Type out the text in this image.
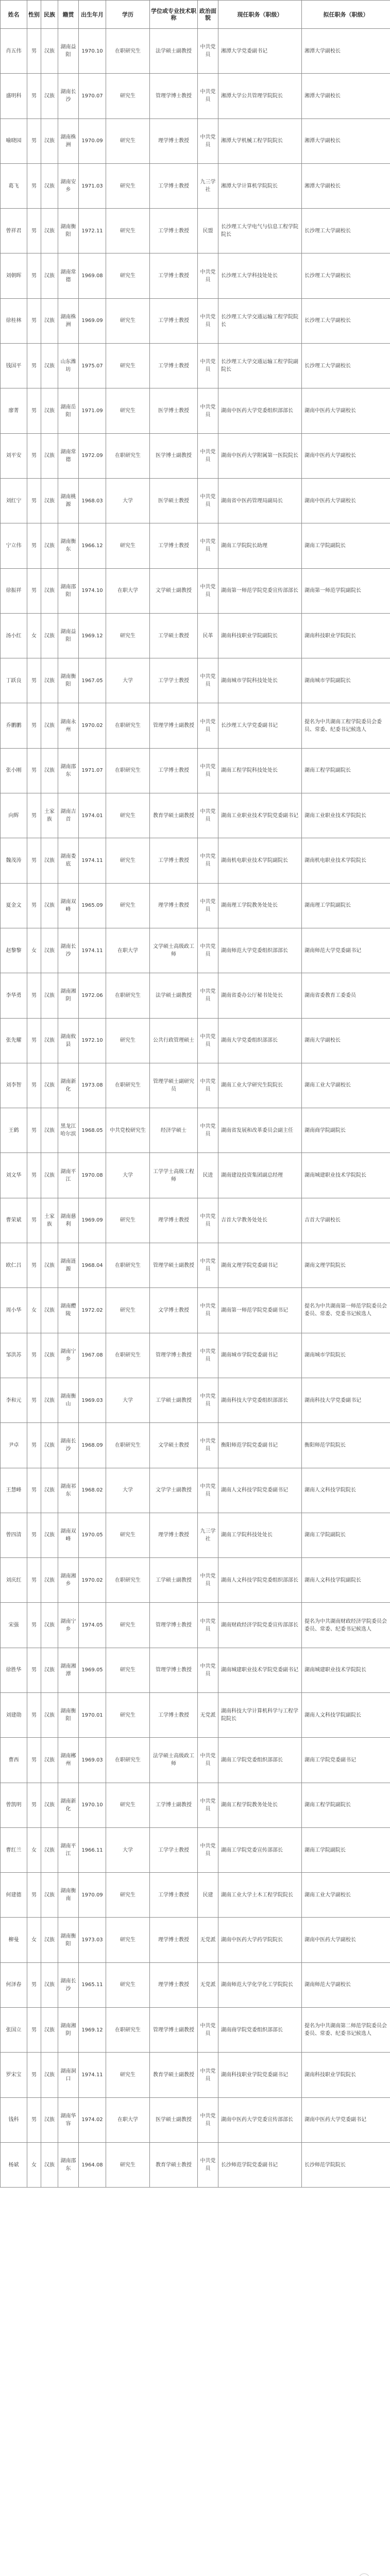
姓名	性别	民族	籍贯	出生年月	学历	学位或专业技术职称	政治面貌	现任职务（职级）	拟任职务（职级）
肖五伟	男	汉族	湖南益阳	1970.10	在职研究生	法学硕士副教授	中共党员	湘潭大学党委副书记	湘潭大学副校长
盛明科	男	汉族	湖南长沙	1970.07	研究生	管理学博士教授	中共党员	湘潭大学公共管理学院院长	湘潭大学副校长
喻晓园	男	汉族	湖南株洲	1970.09	研究生	理学博士教授	中共党员	湘潭大学机械工程学院院长	湘潭大学副校长
葛飞	男	汉族	湖南安乡	1971.03	研究生	工学博士教授	九三学社	湘潭大学计算机学院院长	湘潭大学副校长
曾祥君	男	汉族	湖南衡阳	1972.11	研究生	工学博士教授	民盟	长沙理工大学电气与信息工程学院院长	长沙理工大学副校长
刘朝晖	男	汉族	湖南常德	1969.08	研究生	工学博士教授	中共党员	长沙理工大学科技处处长	长沙理工大学副校长
徐桂林	男	汉族	湖南株洲	1969.09	研究生	工学博士教授	中共党员	长沙理工大学交通运输工程学院院长	长沙理工大学副校长
钱国平	男	汉族	山东潍坊	1975.07	研究生	工学博士教授	中共党员	长沙理工大学交通运输工程学院副院长	长沙理工大学副校长
廖菁	男	汉族	湖南岳阳	1971.09	研究生	医学博士教授	中共党员	湖南中医药大学党委组织部部长	湖南中医药大学副校长
刘平安	男	汉族	湖南常德	1972.09	在职研究生	医学博士副教授	中共党员	湖南中医药大学附属第一医院院长	湖南中医药大学副校长
刘红宁	男	汉族	湖南桃源	1968.03	大学	医学硕士教授	中共党员	湖南省中医药管理局副局长	湖南中医药大学副校长
宁立伟	男	汉族	湖南衡东	1966.12	研究生	工学博士教授	中共党员	湖南工学院院长助理	湖南工学院副院长
徐振祥	男	汉族	湖南邵阳	1974.10	在职大学	文学硕士副教授	中共党员	湖南第一师范学院党委宣传部部长	湖南第一师范学院副院长
汤小红	女	汉族	湖南益阳	1969.12	研究生	工学硕士教授	民革	湖南科技职业学院副院长	湖南科技职业学院院长
丁跃良	男	汉族	湖南衡阳	1967.05	大学	工学学士教授	中共党员	湖南城市学院科技处处长	湖南城市学院副院长
乔鹏鹏	男	汉族	湖南永州	1970.02	在职研究生	管理学博士副教授	中共党员	长沙理工大学党委副书记	提名为中共湖南工程学院委员会委员、常委、纪委书记候选人
张小刚	男	汉族	湖南邵东	1971.07	在职研究生	工学博士教授	中共党员	湖南工程学院科技处处长	湖南工程学院副院长
向辉	男	土家族	湖南吉首	1974.01	研究生	教育学硕士副教授	中共党员	湖南工业职业技术学院党委副书记	湖南工业职业技术学院院长
魏茂涛	男	汉族	湖南娄底	1974.11	研究生	工学博士教授	中共党员	湖南机电职业技术学院副院长	湖南机电职业技术学院院长
夏金文	男	汉族	湖南双峰	1965.09	研究生	理学博士教授	中共党员	湖南理工学院教务处处长	湖南理工学院副院长
赵黎黎	女	汉族	湖南长沙	1974.11	在职大学	文学硕士高级政工师	中共党员	湖南师范大学党委组织部部长	湖南师范大学党委副书记
李华勇	男	汉族	湖南湘阴	1972.06	在职研究生	法学硕士副教授	中共党员	湖南省委办公厅秘书处处长	湖南省委教育工委委员
张先耀	男	汉族	湖南攸县	1972.10	研究生	公共行政管理硕士	中共党员	湖南大学党委组织部部长	湖南大学副校长
刘李智	男	汉族	湖南新化	1973.08	在职研究生	管理学硕士副研究员	中共党员	湖南工业大学研究生院院长	湖南工业大学副校长
王鹤	男	汉族	黑龙江哈尔滨	1968.05	中共党校研究生	经济学硕士	中共党员	湖南省发展和改革委员会副主任	湖南商学院副院长
刘文华	男	汉族	湖南平江	1970.08	大学	工学学士高级工程师	民进	湖南建设投资集团副总经理	湖南城建职业技术学院院长
曹荣斌	男	土家族	湖南慈利	1969.09	研究生	理学博士教授	中共党员	吉首大学教务处处长	吉首大学副校长
欧仁吕	男	汉族	湖南涟源	1968.04	在职研究生	管理学硕士副教授	中共党员	湖南文理学院党委副书记	湖南文理学院院长
周小华	女	汉族	湖南醴陵	1972.02	研究生	文学博士教授	中共党员	湖南第一师范学院党委副书记	提名为中共湖南第一师范学院委员会委员、常委、党委书记候选人
邹洪苏	男	汉族	湖南宁乡	1967.08	在职研究生	管理学博士教授	中共党员	湖南城市学院党委副书记	湖南城市学院院长
李和元	男	汉族	湖南衡山	1969.03	大学	工学硕士副教授	中共党员	湖南科技大学党委组织部部长	湖南科技大学党委副书记
尹卓	男	汉族	湖南长沙	1968.09	在职研究生	文学硕士教授	中共党员	衡阳师范学院党委副书记	衡阳师范学院院长
王慧峰	男	汉族	湖南祁东	1968.02	大学	文学学士副教授	中共党员	湖南人文科技学院党委副书记	湖南人文科技学院院长
曾四清	男	汉族	湖南双峰	1970.05	研究生	理学博士教授	九三学社	湖南工学院科技处处长	湖南工学院副院长
刘庆红	男	汉族	湖南湘乡	1970.02	在职研究生	工学硕士副教授	中共党员	湖南人文科技学院党委组织部部长	湖南人文科技学院副院长
宋强	男	汉族	湖南宁乡	1974.05	研究生	管理学博士教授	中共党员	湖南财政经济学院党委宣传部部长	提名为中共湖南财政经济学院委员会委员、常委、纪委书记候选人
徐胜华	男	汉族	湖南湘潭	1969.05	研究生	管理学博士教授	中共党员	湖南城建职业技术学院党委副书记	湖南城建职业技术学院院长
刘建勋	男	汉族	湖南衡阳	1970.01	研究生	工学博士教授	无党派	湖南科技大学计算机科学与工程学院院长	湖南人文科技学院副院长
曹西	男	汉族	湖南郴州	1969.03	在职研究生	法学硕士高级政工师	中共党员	湖南工学院党委组织部部长	湖南工学院党委副书记
曾凯明	男	汉族	湖南新化	1970.10	研究生	工学博士副教授	中共党员	湖南工程学院教务处处长	湖南工程学院副院长
曹红兰	女	汉族	湖南平江	1966.11	大学	工学学士教授	中共党员	湖南工学院党委宣传部部长	湖南工学院副院长
何建德	男	汉族	湖南衡南	1970.09	研究生	工学博士教授	民建	湖南工业大学土木工程学院院长	湖南工业大学副校长
柳曼	女	汉族	湖南衡阳	1973.03	研究生	理学博士教授	无党派	湖南中医药大学药学院院长	湖南中医药大学副校长
何泽春	男	汉族	湖南长沙	1965.11	研究生	理学博士教授	无党派	湖南师范大学化学化工学院院长	湖南师范大学副校长
张国立	男	汉族	湖南湘阴	1969.12	在职研究生	管理学博士副教授	中共党员	湖南商学院党委组织部部长	提名为中共湖南第二师范学院委员会委员、常委、纪委书记候选人
罗宋宝	男	汉族	湖南洞口	1974.11	研究生	教育学硕士副教授	中共党员	湖南科技职业学院党委副书记	湖南科技职业学院院长
钱科	男	汉族	湖南华容	1974.02	在职大学	医学硕士副教授	中共党员	湖南中医药大学党委宣传部部长	湖南中医药大学党委副书记
杨斌	女	汉族	湖南邵东	1964.08	研究生	教育学硕士教授	中共党员	长沙师范学院党委副书记	长沙师范学院院长
